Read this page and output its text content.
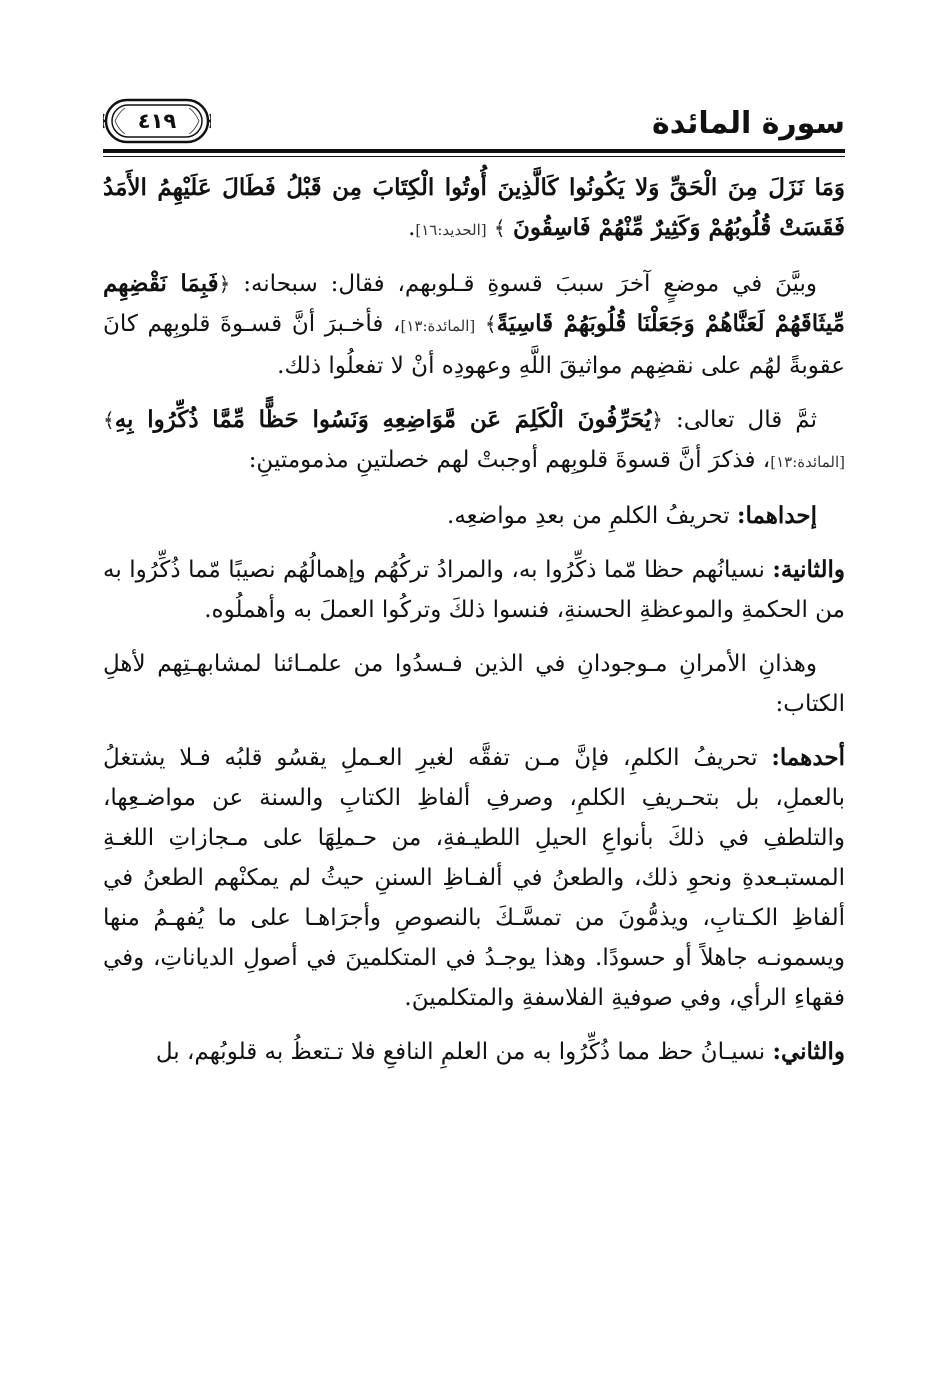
سورة المائدة
٤١٩

وَمَا نَزَلَ مِنَ الْحَقِّ وَلا يَكُونُوا كَالَّذِينَ أُوتُوا الْكِتَابَ مِن قَبْلُ فَطَالَ عَلَيْهِمُ الأَمَدُ فَقَسَتْ قُلُوبُهُمْ وَكَثِيرٌ مِّنْهُمْ فَاسِقُونَ ﴾ [الحديد:١٦].

وبيَّنَ في موضعٍ آخرَ سببَ قسوةِ قـلوبهم، فقال: سبحانه: ﴿فَبِمَا نَقْضِهِم مِّيثَاقَهُمْ لَعَنَّاهُمْ وَجَعَلْنَا قُلُوبَهُمْ قَاسِيَةً﴾ [المائدة:١٣]، فأخـبرَ أنَّ قسـوةَ قلوبِهم كانَ عقوبةً لهُم على نقضِهم مواثيقَ اللَّهِ وعهودِه أنْ لا تفعلُوا ذلك.

ثمَّ قال تعالى: ﴿يُحَرِّفُونَ الْكَلِمَ عَن مَّوَاضِعِهِ وَنَسُوا حَظًّا مِّمَّا ذُكِّرُوا بِهِ﴾ [المائدة:١٣]، فذكرَ أنَّ قسوةَ قلوبِهم أوجبتْ لهم خصلتينِ مذمومتينِ:

إحداهما: تحريفُ الكلمِ من بعدِ مواضعِه.

والثانية: نسيانُهم حظا مّما ذكِّرُوا به، والمرادُ تركُهُم وإهمالُهُم نصيبًا مّما ذُكِّرُوا به من الحكمةِ والموعظةِ الحسنةِ، فنسوا ذلكَ وتركُوا العملَ به وأهملُوه.

وهذانِ الأمرانِ مـوجودانِ في الذين فـسدُوا من علمـائنا لمشابهـتِهم لأهلِ الكتاب:

أحدهما: تحريفُ الكلمِ، فإنَّ مـن تفقَّه لغيرِ العـملِ يقسُو قلبُه فـلا يشتغلُ بالعملِ، بل بتحـريفِ الكلمِ، وصرفِ ألفاظِ الكتابِ والسنة عن مواضـعِها، والتلطفِ في ذلكَ بأنواعِ الحيلِ اللطيـفةِ، من حـملِهَا على مـجازاتِ اللغـةِ المستبـعدةِ ونحوِ ذلك، والطعنُ في ألفـاظِ السننِ حيثُ لم يمكنْهم الطعنُ في ألفاظِ الكـتابِ، ويذمُّونَ من تمسَّـكَ بالنصوصِ وأجرَاهـا على ما يُفهـمُ منها ويسمونـه جاهلاً أو حسودًا. وهذا يوجـدُ في المتكلمينَ في أصولِ الدياناتِ، وفي فقهاءِ الرأي، وفي صوفيةِ الفلاسفةِ والمتكلمينَ.

والثاني: نسيـانُ حظ مما ذُكِّرُوا به من العلمِ النافعِ فلا تـتعظُ به قلوبُهم، بل
